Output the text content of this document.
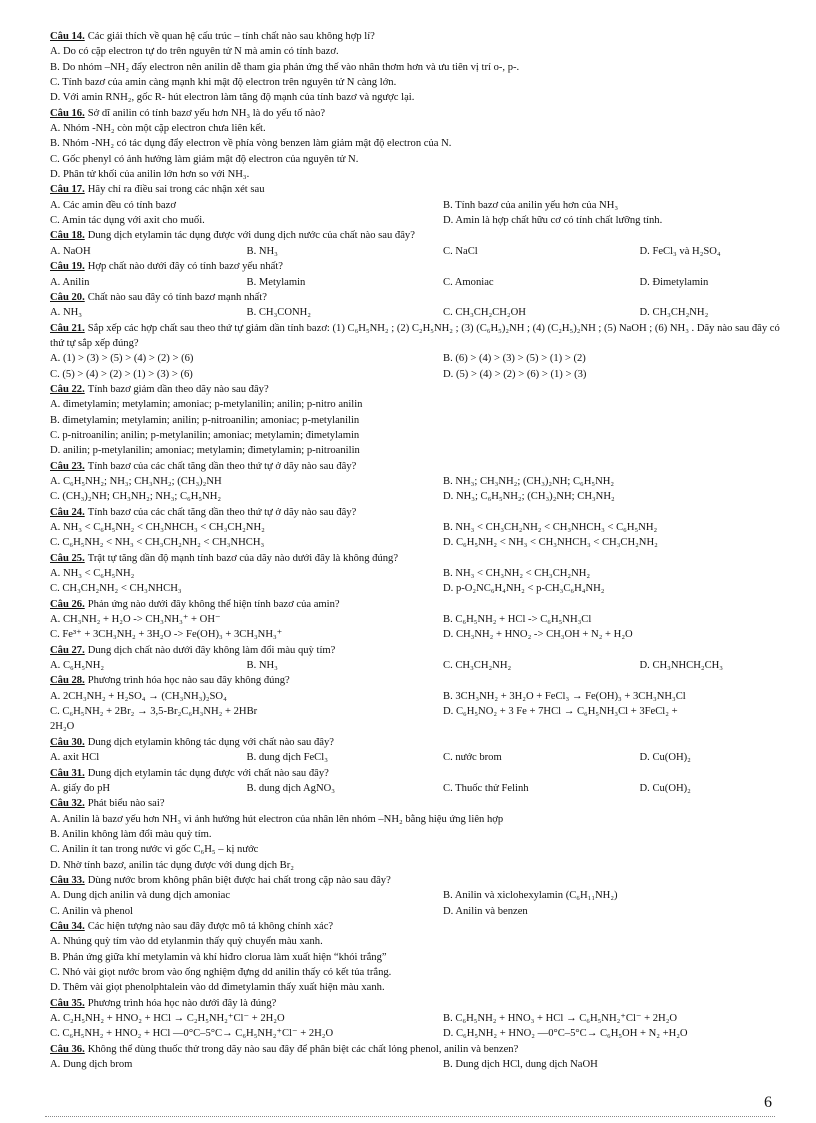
Câu 14. Các giải thích về quan hệ cấu trúc – tính chất nào sau không hợp lí?
A. Do có cặp electron tự do trên nguyên tử N mà amin có tính bazơ.
B. Do nhóm –NH₂ đẩy electron nên anilin dễ tham gia phản ứng thế vào nhân thơm hơn và ưu tiên vị trí o-, p-.
C. Tính bazơ của amin càng mạnh khi mật độ electron trên nguyên tử N càng lớn.
D. Với amin RNH₂, gốc R- hút electron làm tăng độ mạnh của tính bazơ và ngược lại.
Câu 16. Sở dĩ anilin có tính bazơ yếu hơn NH₃ là do yếu tố nào?
A. Nhóm -NH₂ còn một cặp electron chưa liên kết.
B. Nhóm -NH₂ có tác dụng đẩy electron về phía vòng benzen làm giảm mật độ electron của N.
C. Gốc phenyl có ảnh hưởng làm giảm mật độ electron của nguyên tử N.
D. Phân tử khối của anilin lớn hơn so với NH₃.
Câu 17. Hãy chỉ ra điều sai trong các nhận xét sau
A. Các amin đều có tính bazơ	B. Tính bazơ của anilin yếu hơn của NH₃
C. Amin tác dụng với axit cho muối.	D. Amin là hợp chất hữu cơ có tính chất lưỡng tính.
Câu 18. Dung dịch etylamin tác dụng được với dung dịch nước của chất nào sau đây?
A. NaOH	B. NH₃	C. NaCl	D. FeCl₃ và H₂SO₄
Câu 19. Hợp chất nào dưới đây có tính bazơ yếu nhất?
A. Anilin	B. Metylamin	C. Amoniac	D. Đimetylamin
Câu 20. Chất nào sau đây có tính bazơ mạnh nhất?
A. NH₃	B. CH₃CONH₂	C. CH₃CH₂CH₂OH	D. CH₃CH₂NH₂
Câu 21. Sắp xếp các hợp chất sau theo thứ tự giảm dần tính bazơ: (1) C₆H₅NH₂ ; (2) C₂H₅NH₂ ; (3) (C₆H₅)₂NH ; (4) (C₂H₅)₂NH ; (5) NaOH ; (6) NH₃ . Dãy nào sau đây có thứ tự sắp xếp đúng?
A. (1) > (3) > (5) > (4) > (2) > (6)	B. (6) > (4) > (3) > (5) > (1) > (2)
C. (5) > (4) > (2) > (1) > (3) > (6)	D. (5) > (4) > (2) > (6) > (1) > (3)
Câu 22. Tính bazơ giảm dần theo dãy nào sau đây?
A. đimetylamin; metylamin; amoniac; p-metylanilin; anilin; p-nitro anilin
B. đimetylamin; metylamin; anilin; p-nitroanilin; amoniac; p-metylanilin
C. p-nitroanilin; anilin; p-metylanilin; amoniac; metylamin; đimetylamin
D. anilin; p-metylanilin; amoniac; metylamin; đimetylamin; p-nitroanilin
Câu 23. Tính bazơ của các chất tăng dần theo thứ tự ở dãy nào sau đây?
A. C₆H₅NH₂; NH₃; CH₃NH₂; (CH₃)₂NH	B. NH₃; CH₃NH₂; (CH₃)₂NH; C₆H₅NH₂
C. (CH₃)₂NH; CH₃NH₂; NH₃; C₆H₅NH₂	D. NH₃; C₆H₅NH₂; (CH₃)₂NH; CH₃NH₂
Câu 24. Tính bazơ của các chất tăng dần theo thứ tự ở dãy nào sau đây?
A. NH₃ < C₆H₅NH₂ < CH₃NHCH₃ < CH₃CH₂NH₂	B. NH₃ < CH₃CH₂NH₂ < CH₃NHCH₃ < C₆H₅NH₂
C. C₆H₅NH₂ < NH₃ < CH₃CH₂NH₂ < CH₃NHCH₃	D. C₆H₅NH₂ < NH₃ < CH₃NHCH₃ < CH₃CH₂NH₂
Câu 25. Trật tự tăng dần độ mạnh tính bazơ của dãy nào dưới đây là không đúng?
A. NH₃ < C₆H₅NH₂	B. NH₃ < CH₃NH₂ < CH₃CH₂NH₂
C. CH₃CH₂NH₂ < CH₃NHCH₃	D. p-O₂NC₆H₄NH₂ < p-CH₃C₆H₄NH₂
Câu 26. Phản ứng nào dưới đây không thể hiện tính bazơ của amin?
A. CH₃NH₂ + H₂O -> CH₃NH₃⁺ + OH⁻	B. C₆H₅NH₂ + HCl -> C₆H₅NH₃Cl
C. Fe³⁺ + 3CH₃NH₂ + 3H₂O -> Fe(OH)₃ + 3CH₃NH₃⁺	D. CH₃NH₂ + HNO₂ -> CH₃OH + N₂ + H₂O
Câu 27. Dung dịch chất nào dưới đây không làm đổi màu quỳ tím?
A. C₆H₅NH₂	B. NH₃	C. CH₃CH₂NH₂	D. CH₃NHCH₂CH₃
Câu 28. Phương trình hóa học nào sau đây không đúng?
A. 2CH₃NH₂ + H₂SO₄ → (CH₃NH₃)₂SO₄	B. 3CH₃NH₂ + 3H₂O + FeCl₃ → Fe(OH)₃ + 3CH₃NH₃Cl
C. C₆H₅NH₂ + 2Br₂ → 3,5-Br₂C₆H₃NH₂ + 2HBr	D. C₆H₅NO₂ + 3 Fe + 7HCl → C₆H₅NH₃Cl + 3FeCl₂ +
2H₂O
Câu 30. Dung dịch etylamin không tác dụng với chất nào sau đây?
A. axit HCl	B. dung dịch FeCl₃	C. nước brom	D. Cu(OH)₂
Câu 31. Dung dịch etylamin tác dụng được với chất nào sau đây?
A. giấy đo pH	B. dung dịch AgNO₃	C. Thuốc thử Felinh	D. Cu(OH)₂
Câu 32. Phát biểu nào sai?
A. Anilin là bazơ yếu hơn NH₃ vì ảnh hưởng hút electron của nhân lên nhóm –NH₂ bằng hiệu ứng liên hợp
B. Anilin không làm đổi màu quỳ tím.
C. Anilin ít tan trong nước vì gốc C₆H₅ – kị nước
D. Nhờ tính bazơ, anilin tác dụng được với dung dịch Br₂
Câu 33. Dùng nước brom không phân biệt được hai chất trong cặp nào sau đây?
A. Dung dịch anilin và dung dịch amoniac	B. Anilin và xiclohexylamin (C₆H₁₁NH₂)
C. Anilin và phenol	D. Anilin và benzen
Câu 34. Các hiện tượng nào sau đây được mô tả không chính xác?
A. Nhúng quỳ tím vào dd etylanmin thấy quỳ chuyển màu xanh.
B. Phản ứng giữa khí metylamin và khí hiđro clorua làm xuất hiện “khói trắng”
C. Nhỏ vài giọt nước brom vào ống nghiệm đựng dd anilin thấy có kết tủa trắng.
D. Thêm vài giọt phenolphtalein vào dd đimetylamin thấy xuất hiện màu xanh.
Câu 35. Phương trình hóa học nào dưới đây là đúng?
A. C₂H₅NH₂ + HNO₂ + HCl → C₂H₅NH₂⁺Cl⁻ + 2H₂O	B. C₆H₅NH₂ + HNO₃ + HCl → C₆H₅NH₂⁺Cl⁻ + 2H₂O
C. C₆H₅NH₂ + HNO₂ + HCl —0°C–5°C→ C₆H₅NH₂⁺Cl⁻ + 2H₂O	D. C₆H₅NH₂ + HNO₂ —0°C–5°C→ C₆H₅OH + N₂ +H₂O
Câu 36. Không thể dùng thuốc thử trong dãy nào sau đây để phân biệt các chất lỏng phenol, anilin và benzen?
A. Dung dịch brom	B. Dung dịch HCl, dung dịch NaOH
6
